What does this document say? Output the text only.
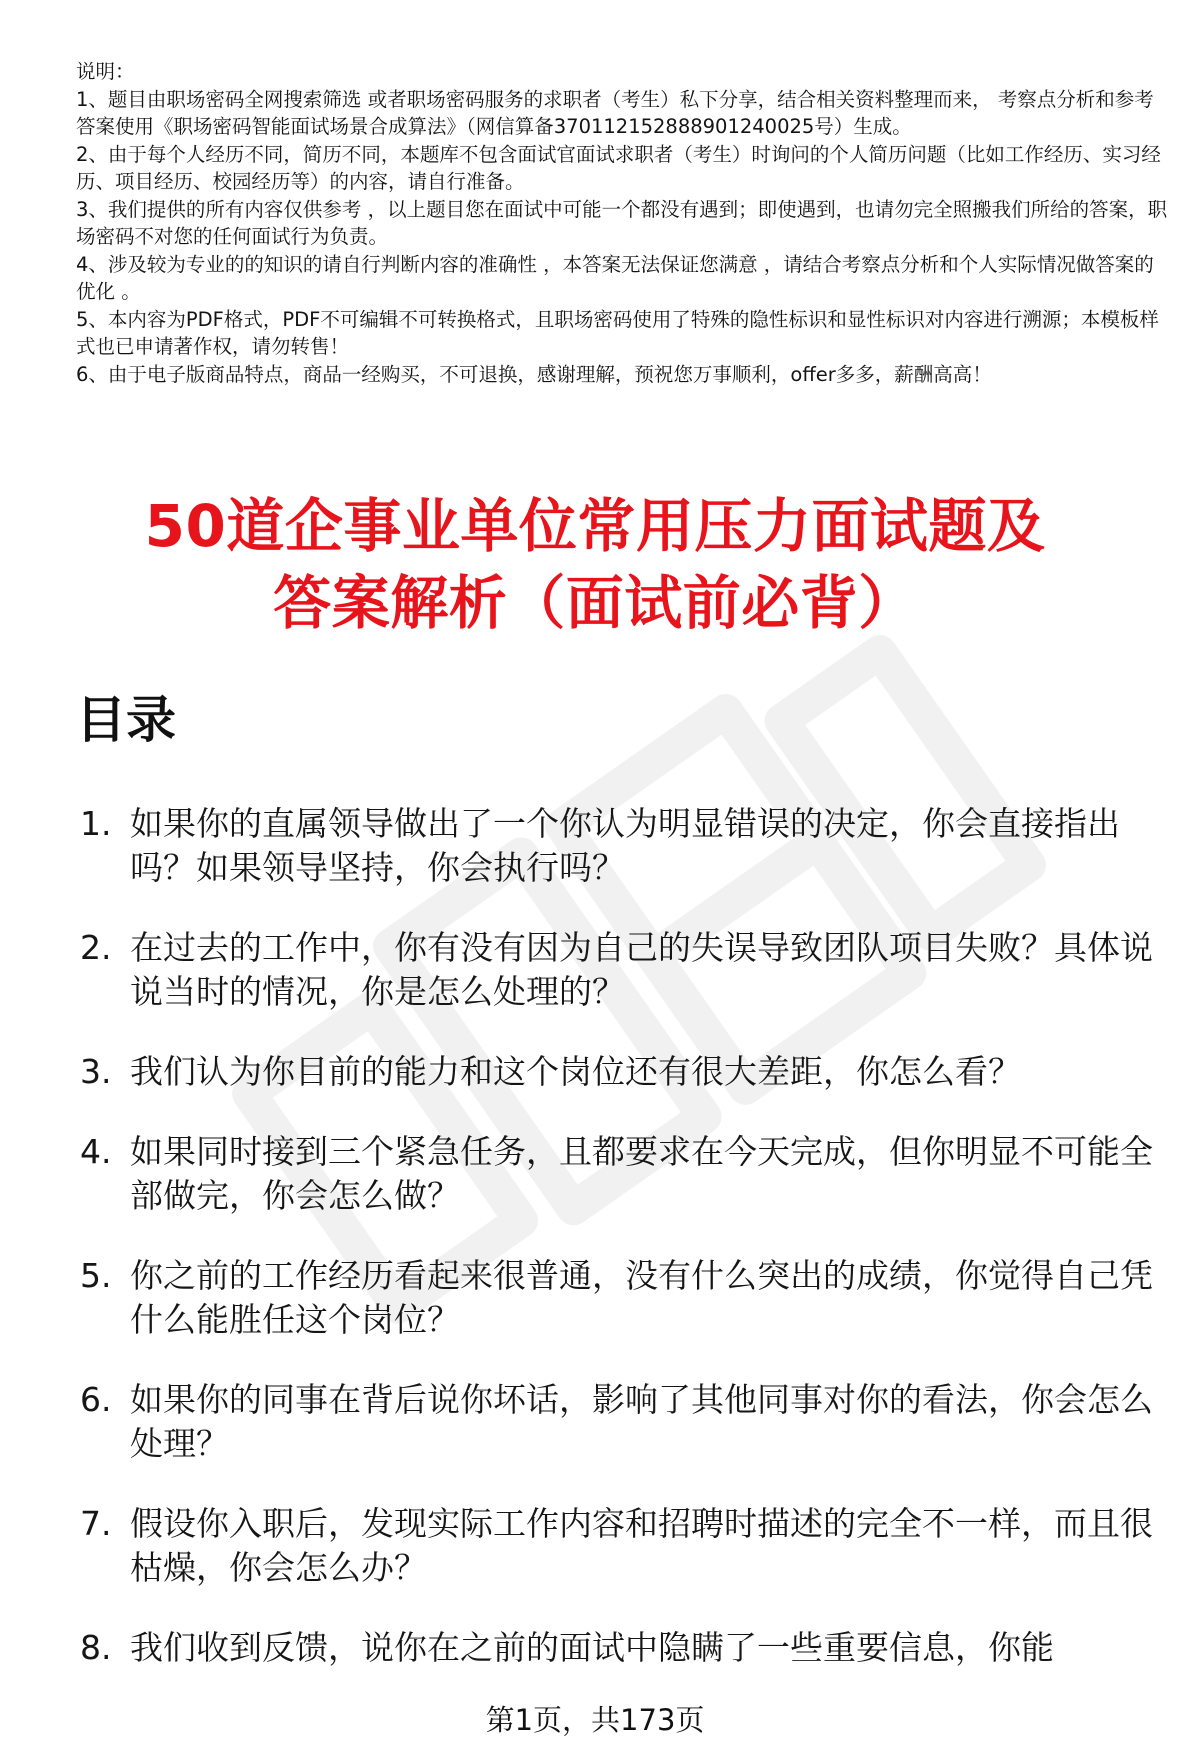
说明：

1、题目由职场密码全网搜索筛选 或者职场密码服务的求职者（考生）私下分享，结合相关资料整理而来， 考察点分析和参考答案使用《职场密码智能面试场景合成算法》（网信算备370112152888901240025号）生成。

2、由于每个人经历不同，简历不同，本题库不包含面试官面试求职者（考生）时询问的个人简历问题（比如工作经历、实习经历、项目经历、校园经历等）的内容，请自行准备。

3、我们提供的所有内容仅供参考 ，以上题目您在面试中可能一个都没有遇到；即使遇到，也请勿完全照搬我们所给的答案，职场密码不对您的任何面试行为负责。

4、涉及较为专业的的知识的请自行判断内容的准确性 ，本答案无法保证您满意 ，请结合考察点分析和个人实际情况做答案的优化 。

5、本内容为PDF格式，PDF不可编辑不可转换格式，且职场密码使用了特殊的隐性标识和显性标识对内容进行溯源；本模板样式也已申请著作权，请勿转售！

6、由于电子版商品特点，商品一经购买，不可退换，感谢理解，预祝您万事顺利，offer多多，薪酬高高！

50道企事业单位常用压力面试题及
答案解析（面试前必背）
目录
1. 如果你的直属领导做出了一个你认为明显错误的决定，你会直接指出吗？如果领导坚持，你会执行吗？
2. 在过去的工作中，你有没有因为自己的失误导致团队项目失败？具体说说当时的情况，你是怎么处理的？
3. 我们认为你目前的能力和这个岗位还有很大差距，你怎么看？
4. 如果同时接到三个紧急任务，且都要求在今天完成，但你明显不可能全部做完，你会怎么做？
5. 你之前的工作经历看起来很普通，没有什么突出的成绩，你觉得自己凭什么能胜任这个岗位？
6. 如果你的同事在背后说你坏话，影响了其他同事对你的看法，你会怎么处理？
7. 假设你入职后，发现实际工作内容和招聘时描述的完全不一样，而且很枯燥，你会怎么办？
8. 我们收到反馈，说你在之前的面试中隐瞒了一些重要信息，你能
第1页，共173页
